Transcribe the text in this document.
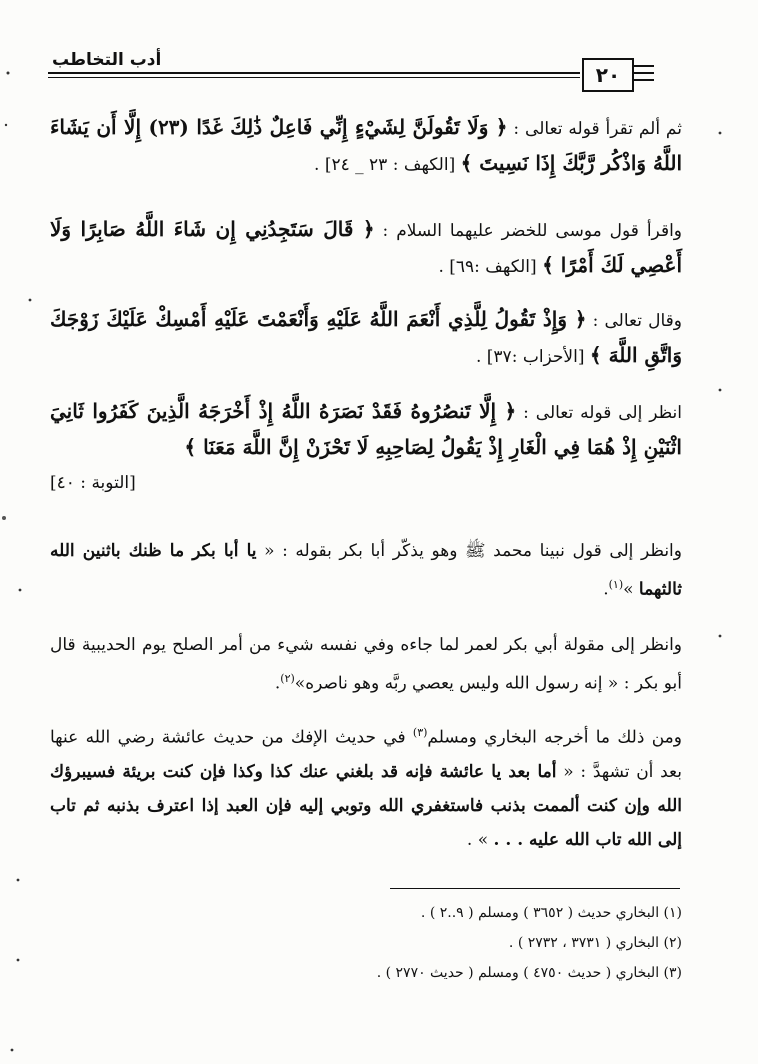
أدب التخاطب
٢٠

ثم ألم تقرأ قوله تعالى : ﴿ وَلَا تَقُولَنَّ لِشَيْءٍ إِنِّي فَاعِلٌ ذَٰلِكَ غَدًا (٢٣) إِلَّا أَن يَشَاءَ اللَّهُ وَاذْكُر رَّبَّكَ إِذَا نَسِيتَ ﴾ [الكهف : ٢٣ _ ٢٤] .

واقرأ قول موسى للخضر عليهما السلام : ﴿ قَالَ سَتَجِدُنِي إِن شَاءَ اللَّهُ صَابِرًا وَلَا أَعْصِي لَكَ أَمْرًا ﴾ [الكهف :٦٩] .

وقال تعالى : ﴿ وَإِذْ تَقُولُ لِلَّذِي أَنْعَمَ اللَّهُ عَلَيْهِ وَأَنْعَمْتَ عَلَيْهِ أَمْسِكْ عَلَيْكَ زَوْجَكَ وَاتَّقِ اللَّهَ ﴾ [الأحزاب :٣٧] .

انظر إلى قوله تعالى : ﴿ إِلَّا تَنصُرُوهُ فَقَدْ نَصَرَهُ اللَّهُ إِذْ أَخْرَجَهُ الَّذِينَ كَفَرُوا ثَانِيَ اثْنَيْنِ إِذْ هُمَا فِي الْغَارِ إِذْ يَقُولُ لِصَاحِبِهِ لَا تَحْزَنْ إِنَّ اللَّهَ مَعَنَا ﴾

[التوبة : ٤٠]

وانظر إلى قول نبينا محمد ﷺ وهو يذكّر أبا بكر بقوله : « يا أبا بكر ما ظنك باثنين الله ثالثهما »$^{(١)}$.

وانظر إلى مقولة أبي بكر لعمر لما جاءه وفي نفسه شيء من أمر الصلح يوم الحديبية قال أبو بكر : « إنه رسول الله وليس يعصي ربَّه وهو ناصره»$^{(٢)}$.

ومن ذلك ما أخرجه البخاري ومسلم$^{(٣)}$ في حديث الإفك من حديث عائشة رضي الله عنها بعد أن تشهدَّ : « أما بعد يا عائشة فإنه قد بلغني عنك كذا وكذا فإن كنت بريئة فسيبرؤك الله وإن كنت ألممت بذنب فاستغفري الله وتوبي إليه فإن العبد إذا اعترف بذنبه ثم تاب إلى الله تاب الله عليه . . . » .

(١) البخاري حديث ( ٣٦٥٢ ) ومسلم ( ٩..٢ ) .
(٢) البخاري ( ٣٧٣١ ، ٢٧٣٢ ) .
(٣) البخاري ( حديث ٤٧٥٠ ) ومسلم ( حديث ٢٧٧٠ ) .
